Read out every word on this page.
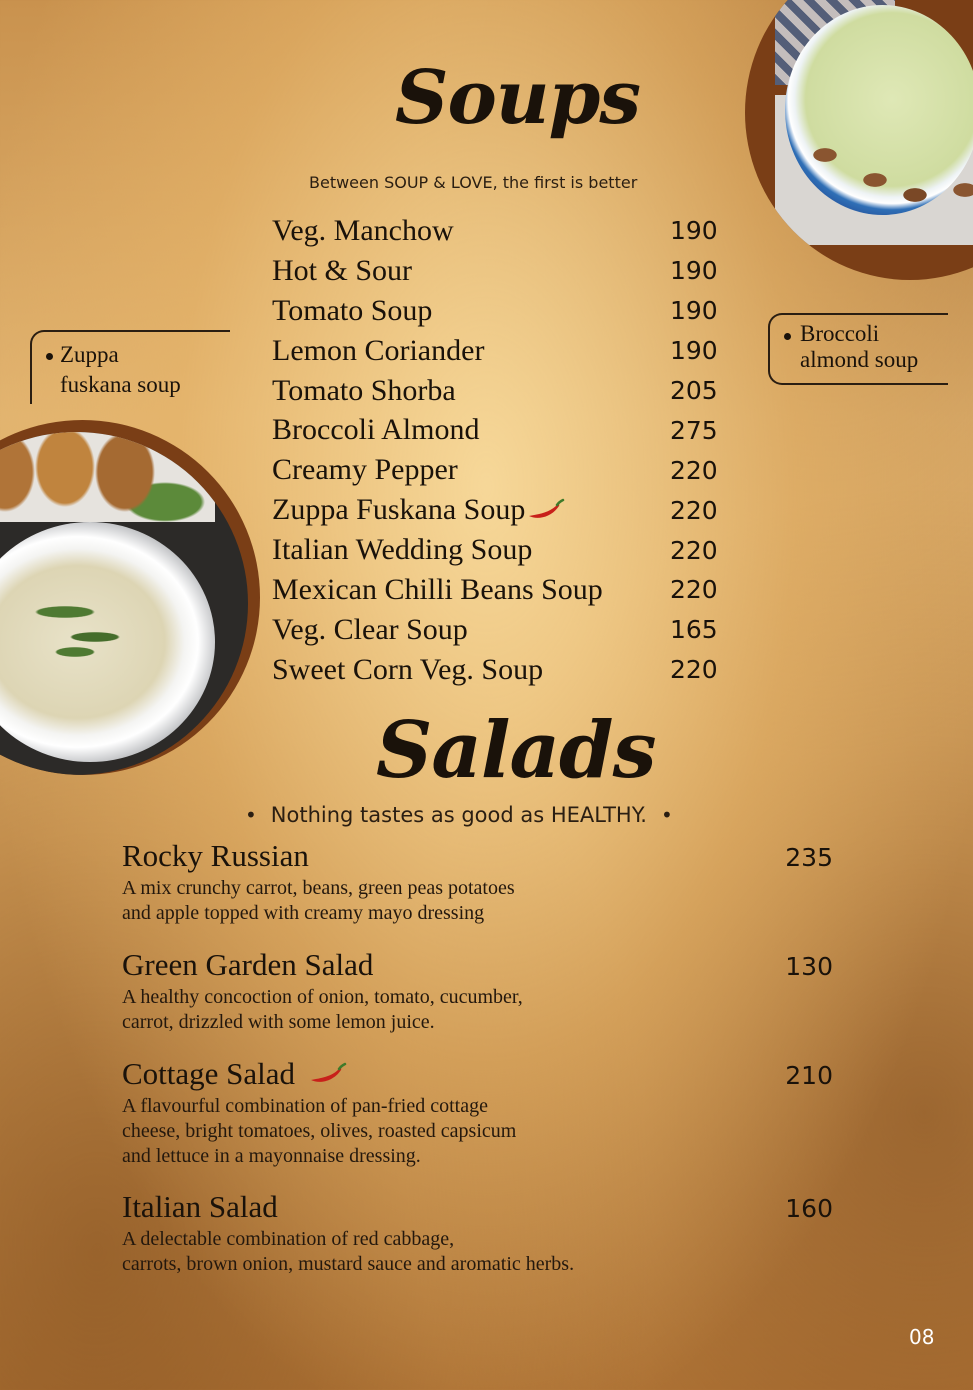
Soups
Between SOUP & LOVE, the first is better
Veg. Manchow	190
Hot & Sour	190
Tomato Soup	190
Lemon Coriander	190
Tomato Shorba	205
Broccoli Almond	275
Creamy Pepper	220
Zuppa Fuskana Soup	220
Italian Wedding Soup	220
Mexican Chilli Beans Soup	220
Veg. Clear Soup	165
Sweet Corn Veg. Soup	220
Zuppa
fuskana soup
Broccoli
almond soup
Salads
• Nothing tastes as good as HEALTHY. •
Rocky Russian	235
A mix crunchy carrot, beans, green peas potatoes
and apple topped with creamy mayo dressing
Green Garden Salad	130
A healthy concoction of onion, tomato, cucumber,
carrot, drizzled with some lemon juice.
Cottage Salad	210
A flavourful combination of pan-fried cottage
cheese, bright tomatoes, olives, roasted capsicum
and lettuce in a mayonnaise dressing.
Italian Salad	160
A delectable combination of red cabbage,
carrots, brown onion, mustard sauce and aromatic herbs.
08
